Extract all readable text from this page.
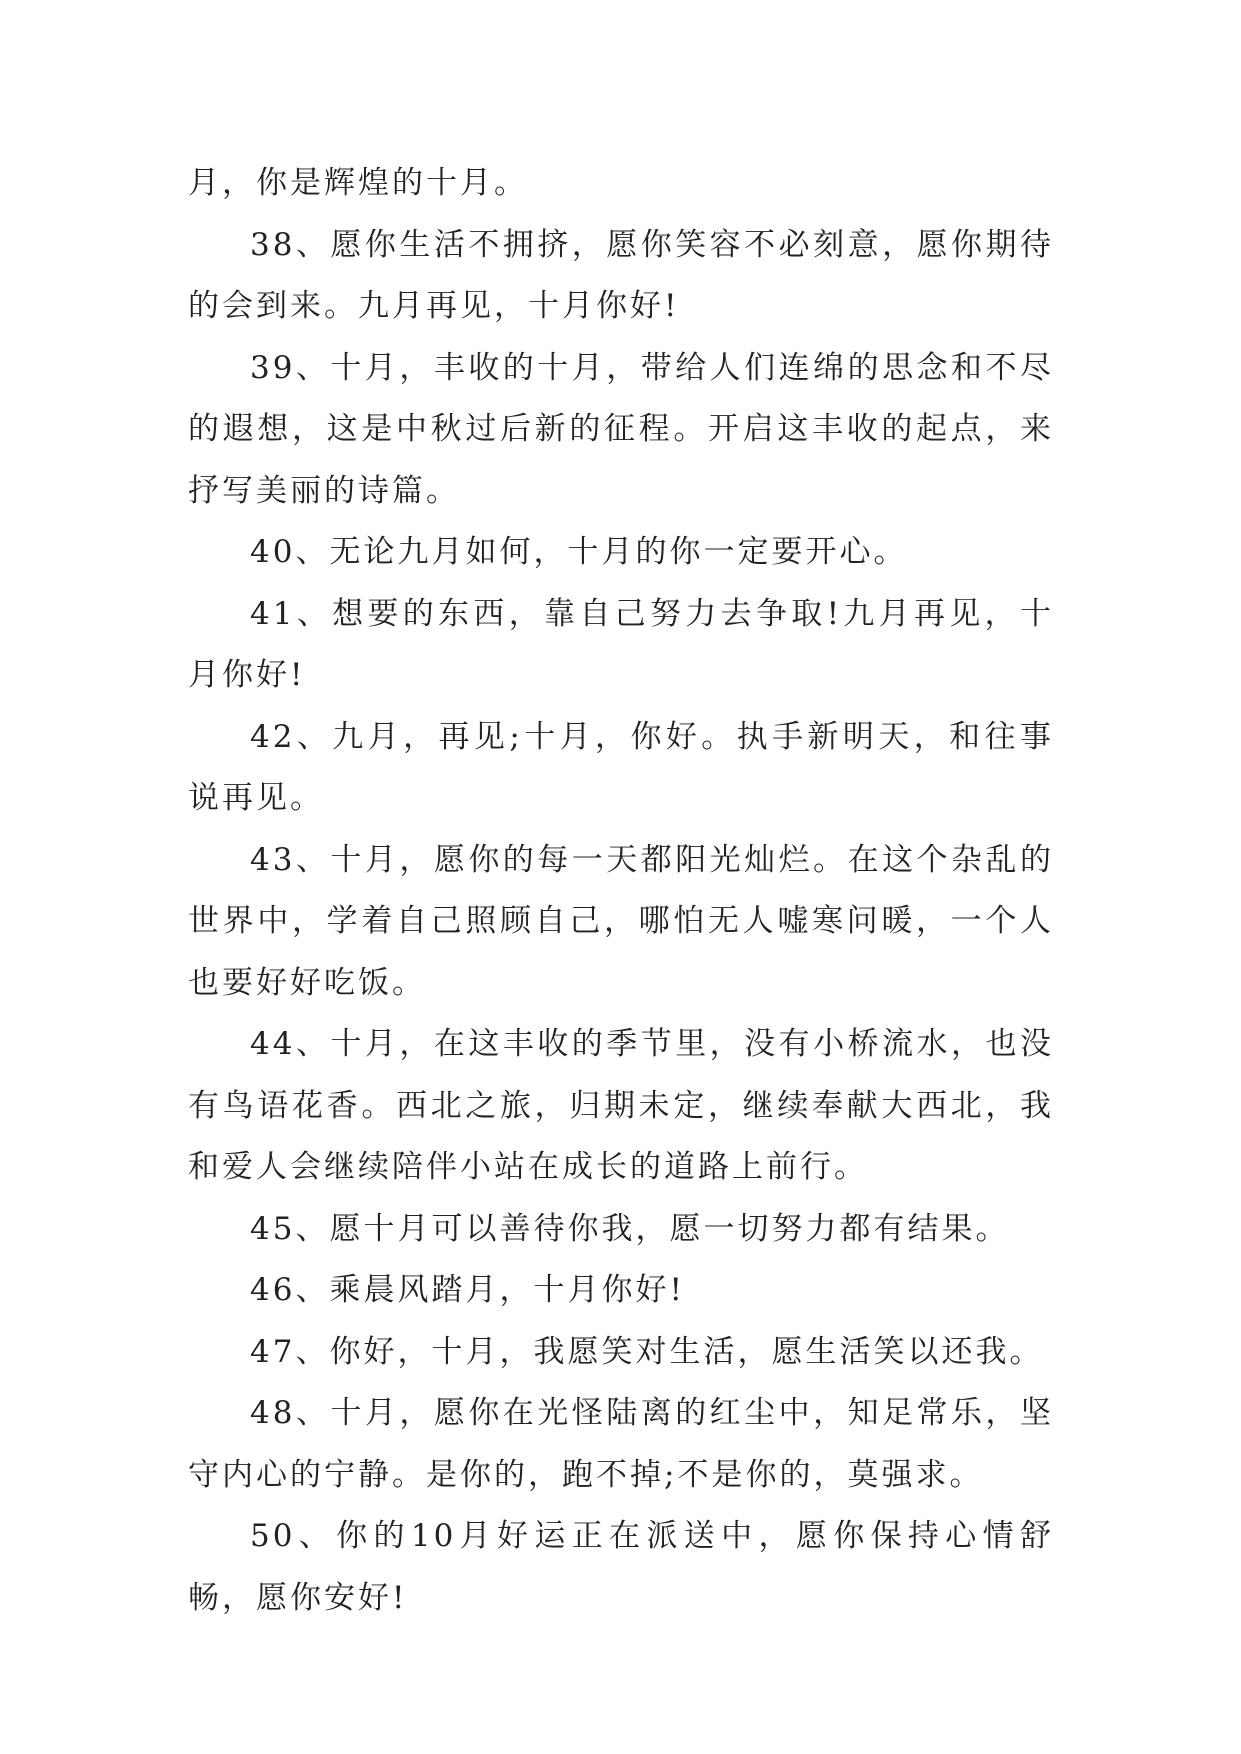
月，你是辉煌的十月。

38、愿你生活不拥挤，愿你笑容不必刻意，愿你期待的会到来。九月再见，十月你好!

39、十月，丰收的十月，带给人们连绵的思念和不尽的遐想，这是中秋过后新的征程。开启这丰收的起点，来抒写美丽的诗篇。

40、无论九月如何，十月的你一定要开心。

41、想要的东西，靠自己努力去争取!九月再见，十月你好!

42、九月，再见;十月，你好。执手新明天，和往事说再见。

43、十月，愿你的每一天都阳光灿烂。在这个杂乱的世界中，学着自己照顾自己，哪怕无人嘘寒问暖，一个人也要好好吃饭。

44、十月，在这丰收的季节里，没有小桥流水，也没有鸟语花香。西北之旅，归期未定，继续奉献大西北，我和爱人会继续陪伴小站在成长的道路上前行。

45、愿十月可以善待你我，愿一切努力都有结果。

46、乘晨风踏月，十月你好!

47、你好，十月，我愿笑对生活，愿生活笑以还我。

48、十月，愿你在光怪陆离的红尘中，知足常乐，坚守内心的宁静。是你的，跑不掉;不是你的，莫强求。

50、你的10月好运正在派送中，愿你保持心情舒畅，愿你安好!
